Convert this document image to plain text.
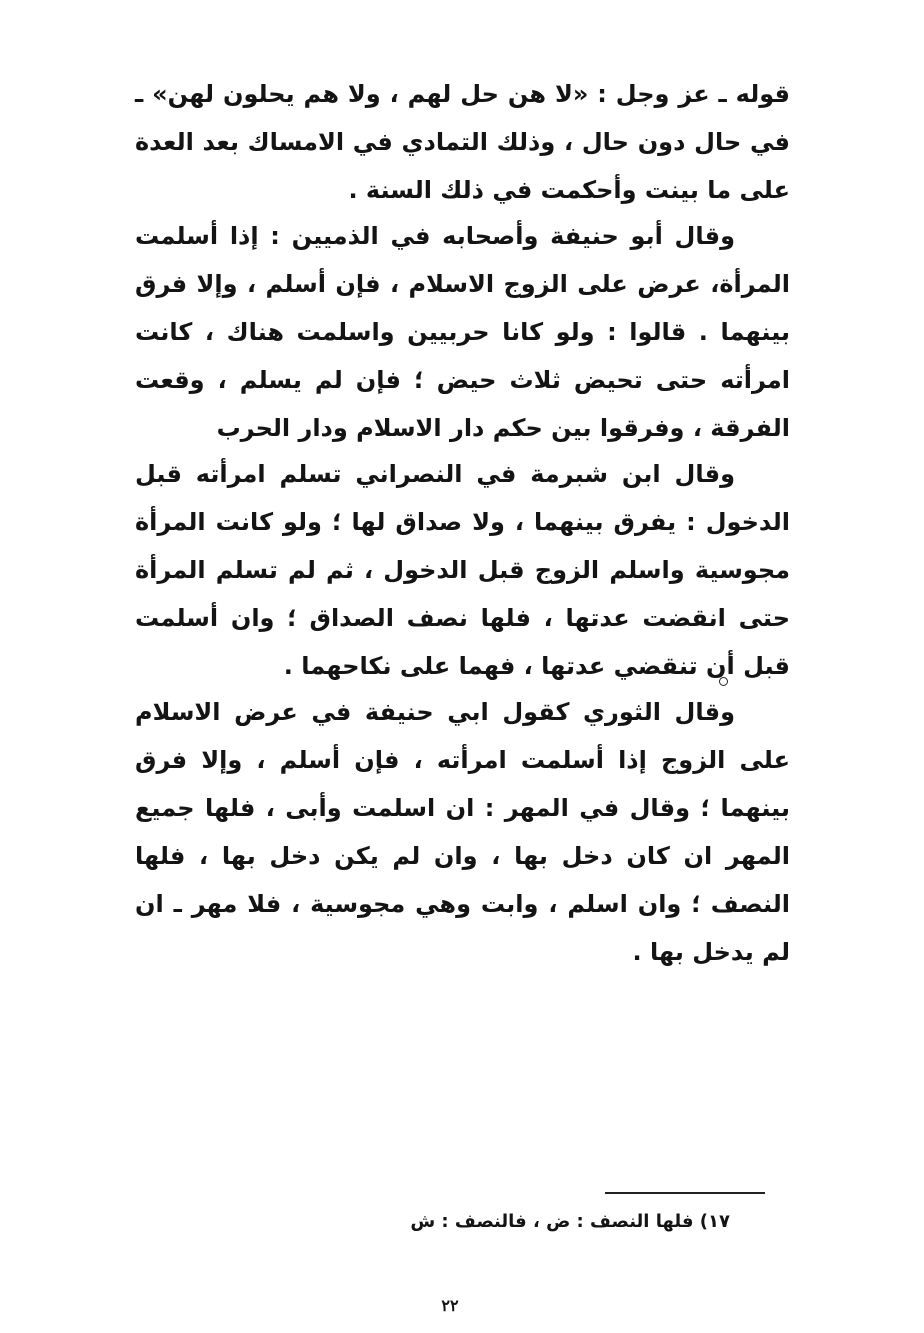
قوله ـ عز وجل : «لا هن حل لهم ، ولا هم يحلون لهن» ـ في حال دون حال ، وذلك التمادي في الامساك بعد العدة على ما بينت وأحكمت في ذلك السنة .

وقال أبو حنيفة وأصحابه في الذميين : إذا أسلمت المرأة، عرض على الزوج الاسلام ، فإن أسلم ، وإلا فرق بينهما . قالوا : ولو كانا حربيين واسلمت هناك ، كانت امرأته حتى تحيض ثلاث حيض ؛ فإن لم يسلم ، وقعت الفرقة ، وفرقوا بين حكم دار الاسلام ودار الحرب

وقال ابن شبرمة في النصراني تسلم امرأته قبل الدخول : يفرق بينهما ، ولا صداق لها ؛ ولو كانت المرأة مجوسية واسلم الزوج قبل الدخول ، ثم لم تسلم المرأة حتى انقضت عدتها ، فلها نصف الصداق ؛ وان أسلمت قبل أن تنقضي عدتها ، فهما على نكاحهما .

وقال الثوري كقول ابي حنيفة في عرض الاسلام على الزوج إذا أسلمت امرأته ، فإن أسلم ، وإلا فرق بينهما ؛ وقال في المهر : ان اسلمت وأبى ، فلها جميع المهر ان كان دخل بها ، وان لم يكن دخل بها ، فلها النصف ؛ وان اسلم ، وابت وهي مجوسية ، فلا مهر ـ ان لم يدخل بها .

١٧) فلها النصف : ض ، فالنصف : ش
٢٢
